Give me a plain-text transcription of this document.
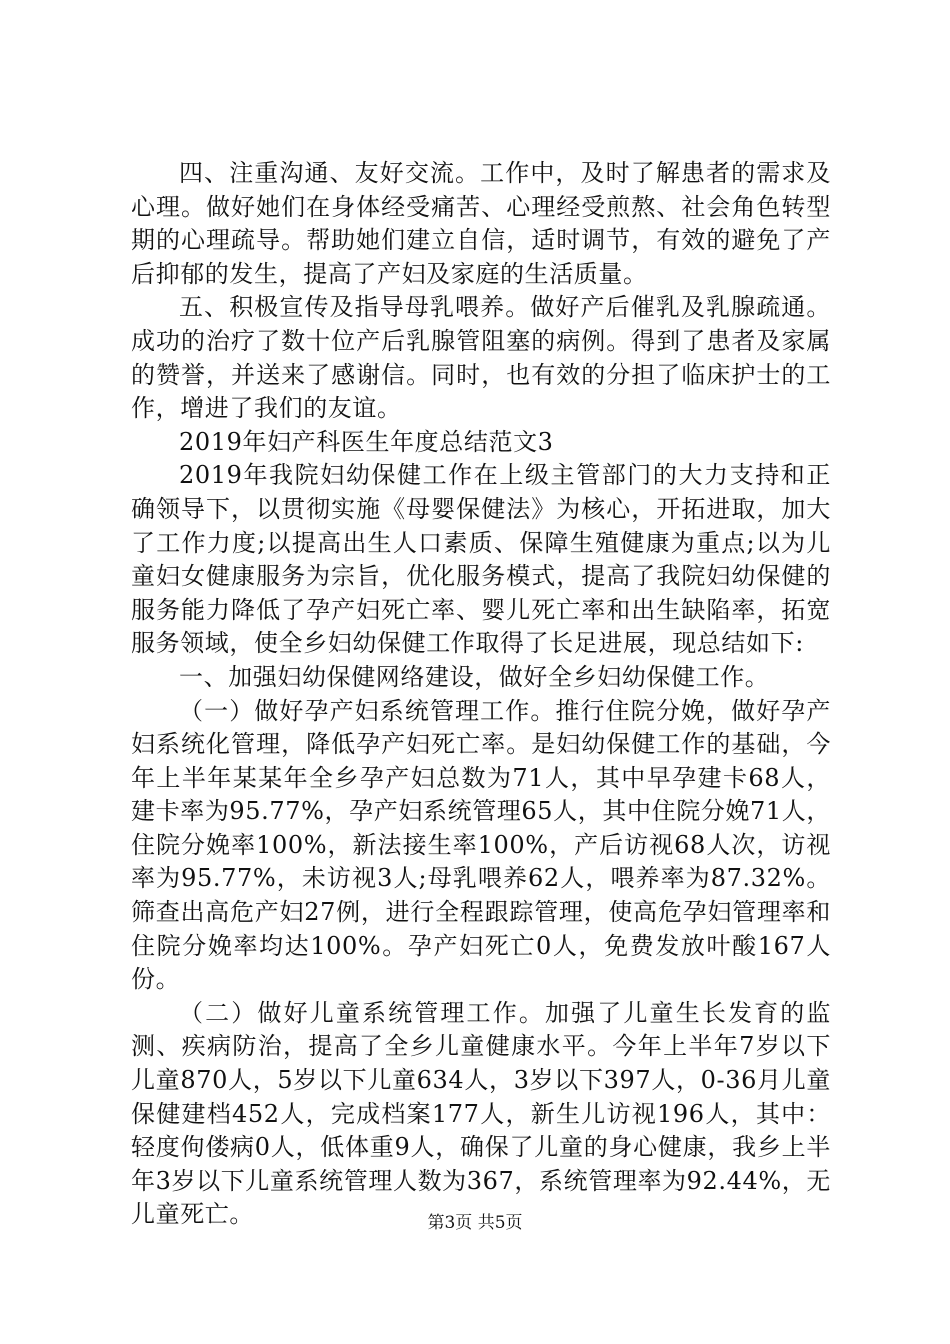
四、注重沟通、友好交流。工作中，及时了解患者的需求及心理。做好她们在身体经受痛苦、心理经受煎熬、社会角色转型期的心理疏导。帮助她们建立自信，适时调节，有效的避免了产后抑郁的发生，提高了产妇及家庭的生活质量。

五、积极宣传及指导母乳喂养。做好产后催乳及乳腺疏通。成功的治疗了数十位产后乳腺管阻塞的病例。得到了患者及家属的赞誉，并送来了感谢信。同时，也有效的分担了临床护士的工作，增进了我们的友谊。

2019年妇产科医生年度总结范文3

2019年我院妇幼保健工作在上级主管部门的大力支持和正确领导下，以贯彻实施《母婴保健法》为核心，开拓进取，加大了工作力度;以提高出生人口素质、保障生殖健康为重点;以为儿童妇女健康服务为宗旨，优化服务模式，提高了我院妇幼保健的服务能力降低了孕产妇死亡率、婴儿死亡率和出生缺陷率，拓宽服务领域，使全乡妇幼保健工作取得了长足进展，现总结如下:

一、加强妇幼保健网络建设，做好全乡妇幼保健工作。

（一）做好孕产妇系统管理工作。推行住院分娩，做好孕产妇系统化管理，降低孕产妇死亡率。是妇幼保健工作的基础，今年上半年某某年全乡孕产妇总数为71人，其中早孕建卡68人，建卡率为95.77%，孕产妇系统管理65人，其中住院分娩71人，住院分娩率100%，新法接生率100%，产后访视68人次，访视率为95.77%，未访视3人;母乳喂养62人，喂养率为87.32%。筛查出高危产妇27例，进行全程跟踪管理，使高危孕妇管理率和住院分娩率均达100%。孕产妇死亡0人，免费发放叶酸167人份。

（二）做好儿童系统管理工作。加强了儿童生长发育的监测、疾病防治，提高了全乡儿童健康水平。今年上半年7岁以下儿童870人，5岁以下儿童634人，3岁以下397人，0-36月儿童保健建档452人，完成档案177人，新生儿访视196人，其中：轻度佝偻病0人，低体重9人，确保了儿童的身心健康，我乡上半年3岁以下儿童系统管理人数为367，系统管理率为92.44%，无儿童死亡。	第3页 共5页
